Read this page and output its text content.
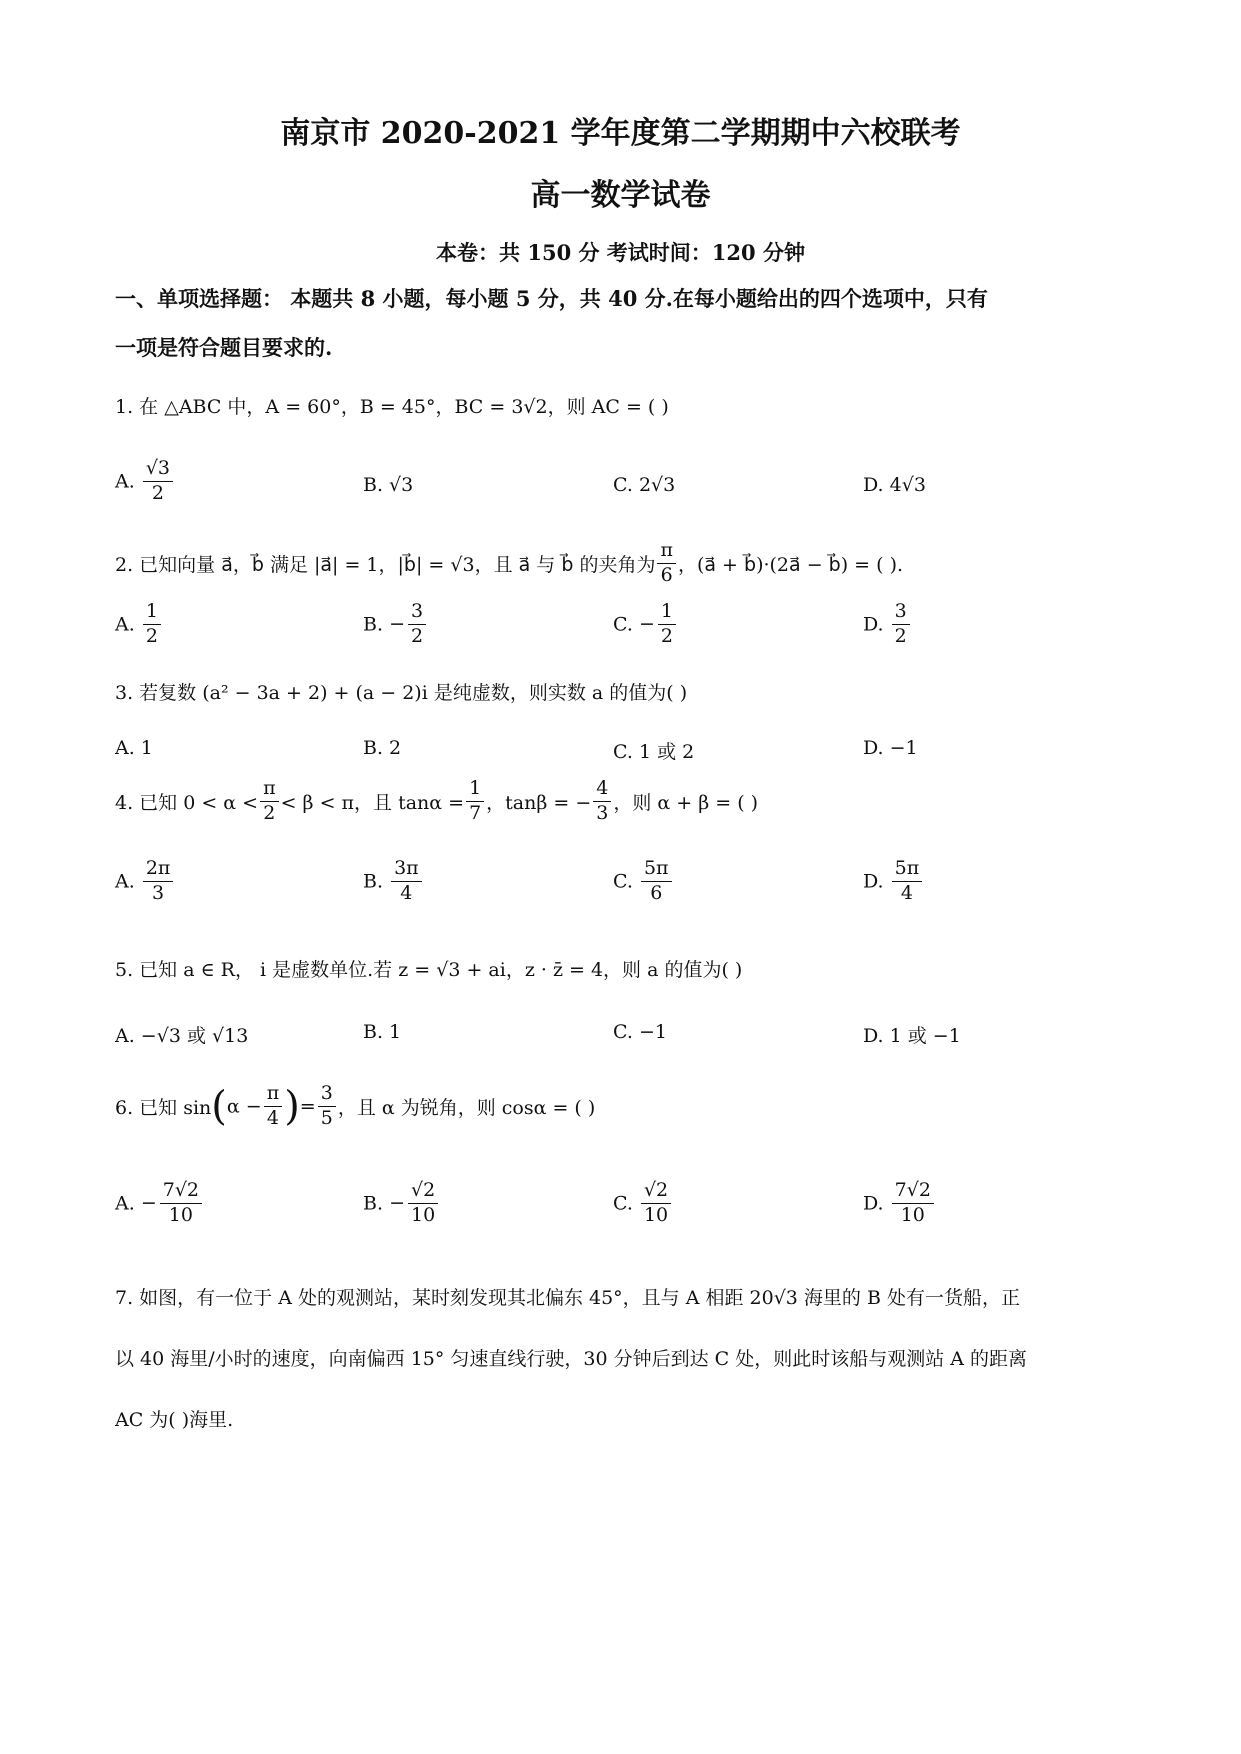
南京市 2020-2021 学年度第二学期期中六校联考
高一数学试卷
本卷：共 150 分 考试时间：120 分钟
一、单项选择题： 本题共 8 小题，每小题 5 分，共 40 分.在每小题给出的四个选项中，只有
一项是符合题目要求的.
1. 在 △ABC 中，A = 60°，B = 45°，BC = 3√2，则 AC = ( )
A. $\frac{√3}{2}$	B. √3	C. 2√3	D. 4√3
2. 已知向量 a⃗，b⃗ 满足 |a⃗| = 1，|b⃗| = √3，且 a⃗ 与 b⃗ 的夹角为 $\frac{\pi}{6}$ ，(a⃗ + b⃗)·(2a⃗ − b⃗) = ( ).
A. $\frac{1}{2}$	B. − $\frac{3}{2}$	C. − $\frac{1}{2}$	D. $\frac{3}{2}$
3. 若复数 (a² − 3a + 2) + (a − 2)i 是纯虚数，则实数 a 的值为( )
A. 1	B. 2	C. 1 或 2	D. −1
4. 已知 $0 < \alpha < \frac{\pi}{2} < \beta < \pi$，且 $\tan\alpha = \frac{1}{7}$ ，tanβ = − $\frac{4}{3}$ ，则 α + β = ( )
A. $\frac{2\pi}{3}$	B. $\frac{3\pi}{4}$	C. $\frac{5\pi}{6}$	D. $\frac{5\pi}{4}$
5. 已知 a ∈ R， i 是虚数单位.若 z = √3 + ai，z · z̄ = 4，则 a 的值为( )
A. −√3 或 √13	B. 1	C. −1	D. 1 或 −1
6. 已知 $\sin(\alpha - \frac{\pi}{4}$ )= $\frac{3}{5}$ ，且 α 为锐角，则 cosα = ( )
A. − $\frac{7√2}{10}$	B. − $\frac{√2}{10}$	C. $\frac{√2}{10}$	D. $\frac{7√2}{10}$
7. 如图，有一位于 A 处的观测站，某时刻发现其北偏东 45°，且与 A 相距 20√3 海里的 B 处有一货船，正
以 40 海里/小时的速度，向南偏西 15° 匀速直线行驶，30 分钟后到达 C 处，则此时该船与观测站 A 的距离
AC 为( )海里.
